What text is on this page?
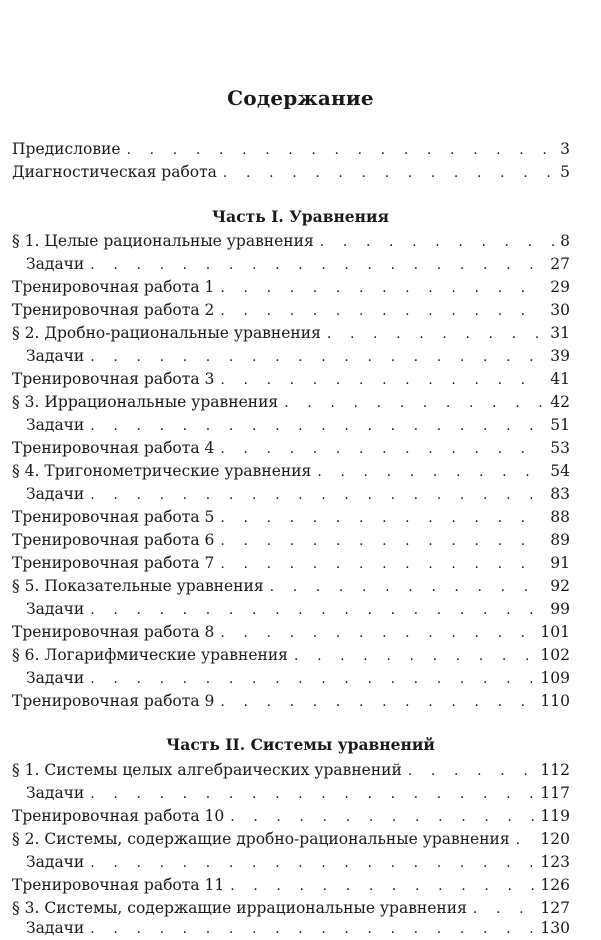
Содержание
Предисловие . . .	3
Диагностическая работа . . .	5
Часть I. Уравнения
§ 1. Целые рациональные уравнения . . .	8
Задачи . . .	27
Тренировочная работа 1 . . .	29
Тренировочная работа 2 . . .	30
§ 2. Дробно-рациональные уравнения . . .	31
Задачи . . .	39
Тренировочная работа 3 . . .	41
§ 3. Иррациональные уравнения . . .	42
Задачи . . .	51
Тренировочная работа 4 . . .	53
§ 4. Тригонометрические уравнения . . .	54
Задачи . . .	83
Тренировочная работа 5 . . .	88
Тренировочная работа 6 . . .	89
Тренировочная работа 7 . . .	91
§ 5. Показательные уравнения . . .	92
Задачи . . .	99
Тренировочная работа 8 . . .	101
§ 6. Логарифмические уравнения . . .	102
Задачи . . .	109
Тренировочная работа 9 . . .	110
Часть II. Системы уравнений
§ 1. Системы целых алгебраических уравнений . . .	112
Задачи . . .	117
Тренировочная работа 10 . . .	119
§ 2. Системы, содержащие дробно-рациональные уравнения . . . 120
Задачи . . .	123
Тренировочная работа 11 . . .	126
§ 3. Системы, содержащие иррациональные уравнения . . .	127
Задачи . . .	130
